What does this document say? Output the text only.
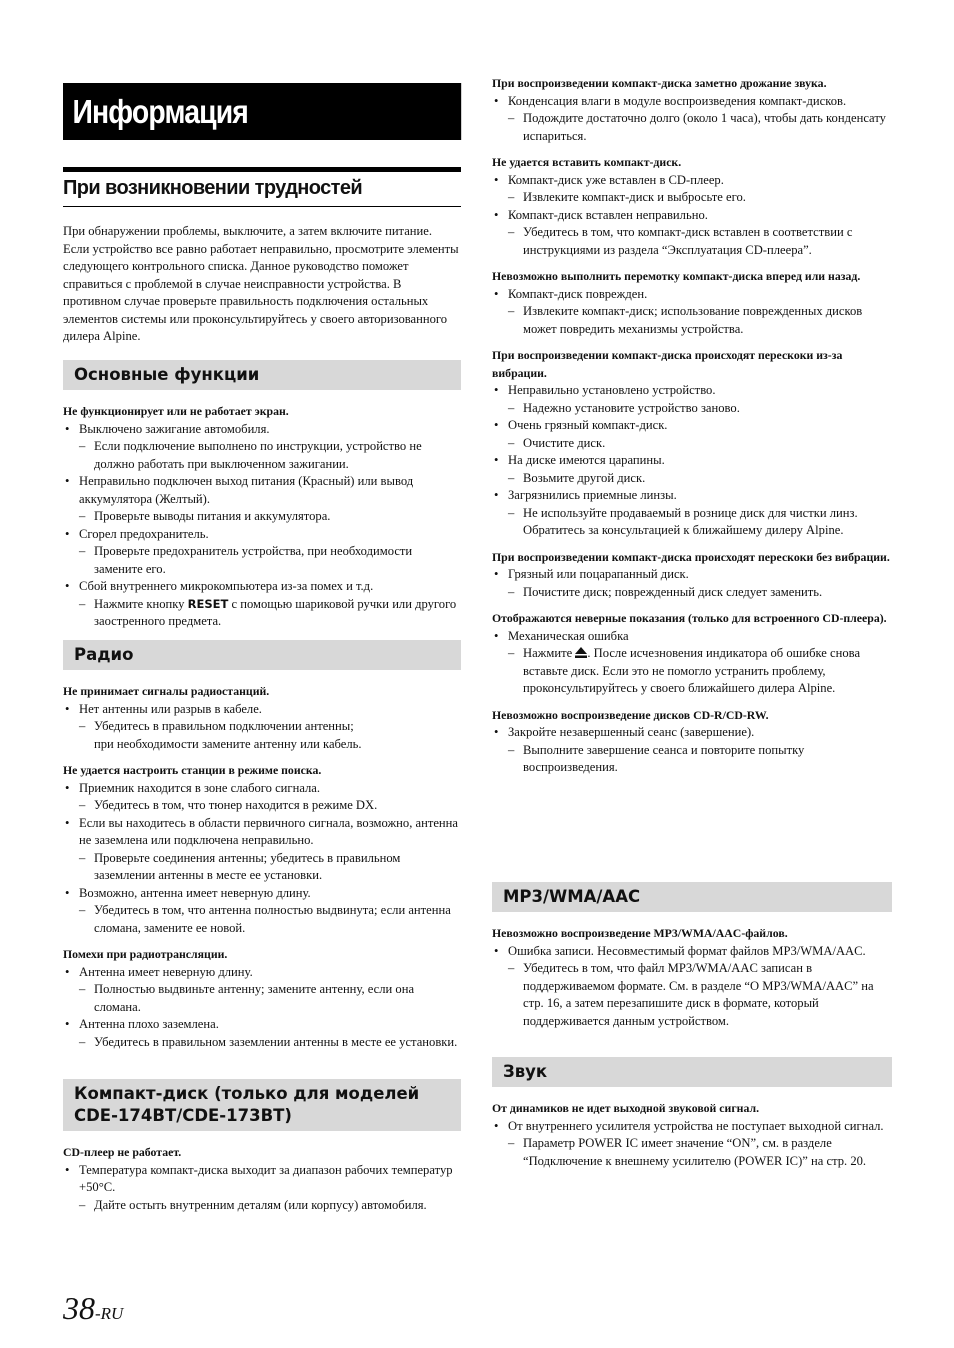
Информация
При возникновении трудностей
При обнаружении проблемы, выключите, а затем включите питание. Если устройство все равно работает неправильно, просмотрите элементы следующего контрольного списка. Данное руководство поможет справиться с проблемой в случае неисправности устройства. В противном случае проверьте правильность подключения остальных элементов системы или проконсультируйтесь у своего авторизованного дилера Alpine.
Основные функции

Не функционирует или не работает экран.

• Выключено зажигание автомобиля.
– Если подключение выполнено по инструкции, устройство не должно работать при выключенном зажигании.
• Неправильно подключен выход питания (Красный) или вывод аккумулятора (Желтый).
– Проверьте выводы питания и аккумулятора.
• Сгорел предохранитель.
– Проверьте предохранитель устройства, при необходимости замените его.
• Сбой внутреннего микрокомпьютера из-за помех и т.д.
– Нажмите кнопку RESET с помощью шариковой ручки или другого заостренного предмета.
Радио

Не принимает сигналы радиостанций.

• Нет антенны или разрыв в кабеле.
– Убедитесь в правильном подключении антенны;
при необходимости замените антенну или кабель.

Не удается настроить станции в режиме поиска.

• Приемник находится в зоне слабого сигнала.
– Убедитесь в том, что тюнер находится в режиме DX.
• Если вы находитесь в области первичного сигнала, возможно, антенна не заземлена или подключена неправильно.
– Проверьте соединения антенны; убедитесь в правильном заземлении антенны в месте ее установки.
• Возможно, антенна имеет неверную длину.
– Убедитесь в том, что антенна полностью выдвинута; если антенна сломана, замените ее новой.

Помехи при радиотрансляции.

• Антенна имеет неверную длину.
– Полностью выдвиньте антенну; замените антенну, если она сломана.
• Антенна плохо заземлена.
– Убедитесь в правильном заземлении антенны в месте ее установки.
Компакт-диск (только для моделей
CDE-174BT/CDE-173BT)

CD-плеер не работает.

• Температура компакт-диска выходит за диапазон рабочих температур +50°C.
– Дайте остыть внутренним деталям (или корпусу) автомобиля.

При воспроизведении компакт-диска заметно дрожание звука.

• Конденсация влаги в модуле воспроизведения компакт-дисков.
– Подождите достаточно долго (около 1 часа), чтобы дать конденсату испариться.

Не удается вставить компакт-диск.

• Компакт-диск уже вставлен в CD-плеер.
– Извлеките компакт-диск и выбросьте его.
• Компакт-диск вставлен неправильно.
– Убедитесь в том, что компакт-диск вставлен в соответствии с инструкциями из раздела “Эксплуатация CD-плеера”.

Невозможно выполнить перемотку компакт-диска вперед или назад.

• Компакт-диск поврежден.
– Извлеките компакт-диск; использование поврежденных дисков может повредить механизмы устройства.

При воспроизведении компакт-диска происходят перескоки из-за вибрации.

• Неправильно установлено устройство.
– Надежно установите устройство заново.
• Очень грязный компакт-диск.
– Очистите диск.
• На диске имеются царапины.
– Возьмите другой диск.
• Загрязнились приемные линзы.
– Не используйте продаваемый в рознице диск для чистки линз. Обратитесь за консультацией к ближайшему дилеру Alpine.

При воспроизведении компакт-диска происходят перескоки без вибрации.

• Грязный или поцарапанный диск.
– Почистите диск; поврежденный диск следует заменить.

Отображаются неверные показания (только для встроенного CD-плеера).

• Механическая ошибка
– Нажмите . После исчезновения индикатора об ошибке снова вставьте диск. Если это не помогло устранить проблему, проконсультируйтесь у своего ближайшего дилера Alpine.

Невозможно воспроизведение дисков CD-R/CD-RW.

• Закройте незавершенный сеанс (завершение).
– Выполните завершение сеанса и повторите попытку воспроизведения.
MP3/WMA/AAC

Невозможно воспроизведение MP3/WMA/AAC-файлов.

• Ошибка записи. Несовместимый формат файлов MP3/WMA/AAC.
– Убедитесь в том, что файл MP3/WMA/AAC записан в поддерживаемом формате. См. в разделе “О MP3/WMA/AAC” на стр. 16, а затем перезапишите диск в формате, который поддерживается данным устройством.
Звук

От динамиков не идет выходной звуковой сигнал.

• От внутреннего усилителя устройства не поступает выходной сигнал.
– Параметр POWER IC имеет значение “ON”, см. в разделе “Подключение к внешнему усилителю (POWER IC)” на стр. 20.
38-RU
